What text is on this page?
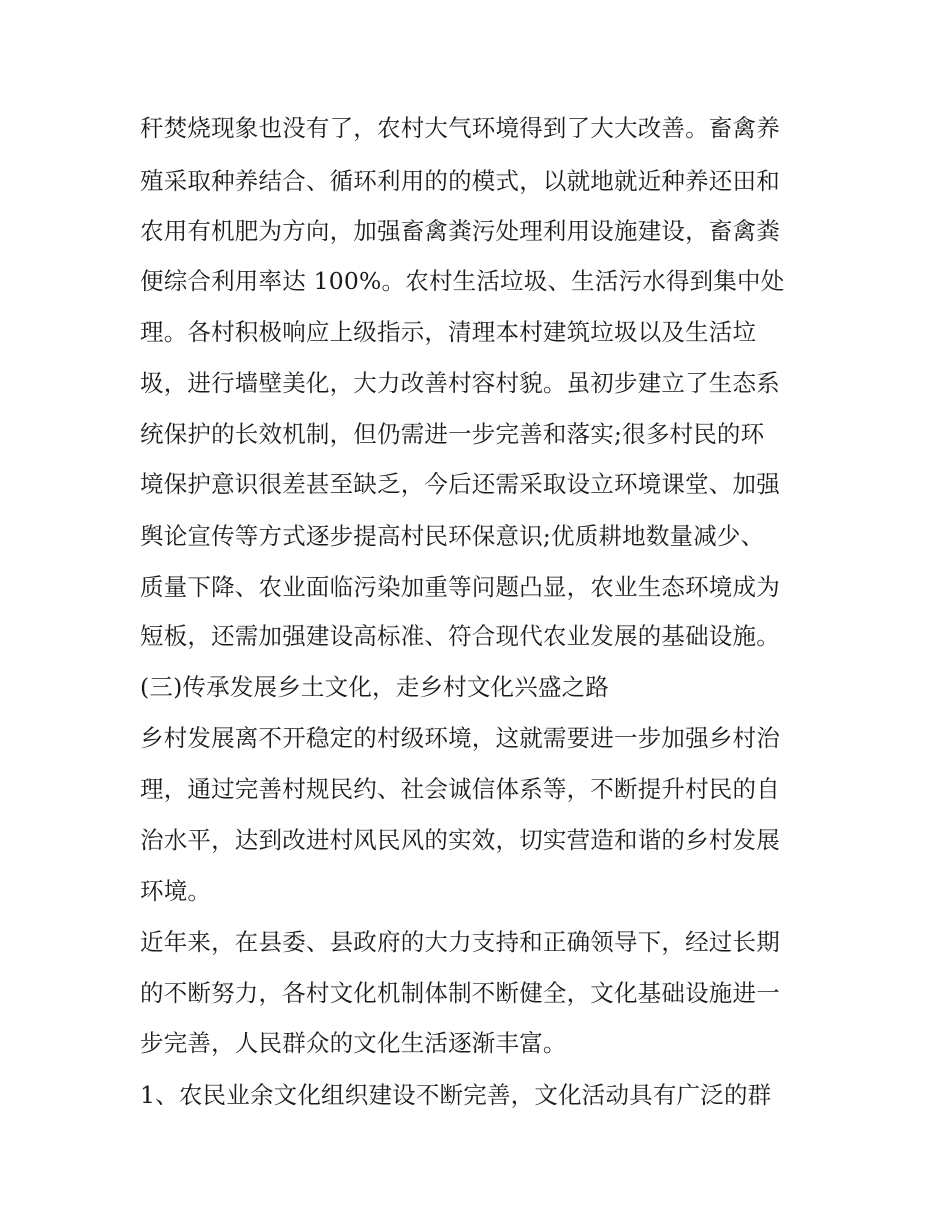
秆焚烧现象也没有了，农村大气环境得到了大大改善。畜禽养
殖采取种养结合、循环利用的的模式，以就地就近种养还田和
农用有机肥为方向，加强畜禽粪污处理利用设施建设，畜禽粪
便综合利用率达 100%。农村生活垃圾、生活污水得到集中处
理。各村积极响应上级指示，清理本村建筑垃圾以及生活垃
圾，进行墙壁美化，大力改善村容村貌。虽初步建立了生态系
统保护的长效机制，但仍需进一步完善和落实;很多村民的环
境保护意识很差甚至缺乏，今后还需采取设立环境课堂、加强
舆论宣传等方式逐步提高村民环保意识;优质耕地数量减少、
质量下降、农业面临污染加重等问题凸显，农业生态环境成为
短板，还需加强建设高标准、符合现代农业发展的基础设施。
(三)传承发展乡土文化，走乡村文化兴盛之路
乡村发展离不开稳定的村级环境，这就需要进一步加强乡村治
理，通过完善村规民约、社会诚信体系等，不断提升村民的自
治水平，达到改进村风民风的实效，切实营造和谐的乡村发展
环境。
近年来，在县委、县政府的大力支持和正确领导下，经过长期
的不断努力，各村文化机制体制不断健全，文化基础设施进一
步完善，人民群众的文化生活逐渐丰富。
1、农民业余文化组织建设不断完善，文化活动具有广泛的群
